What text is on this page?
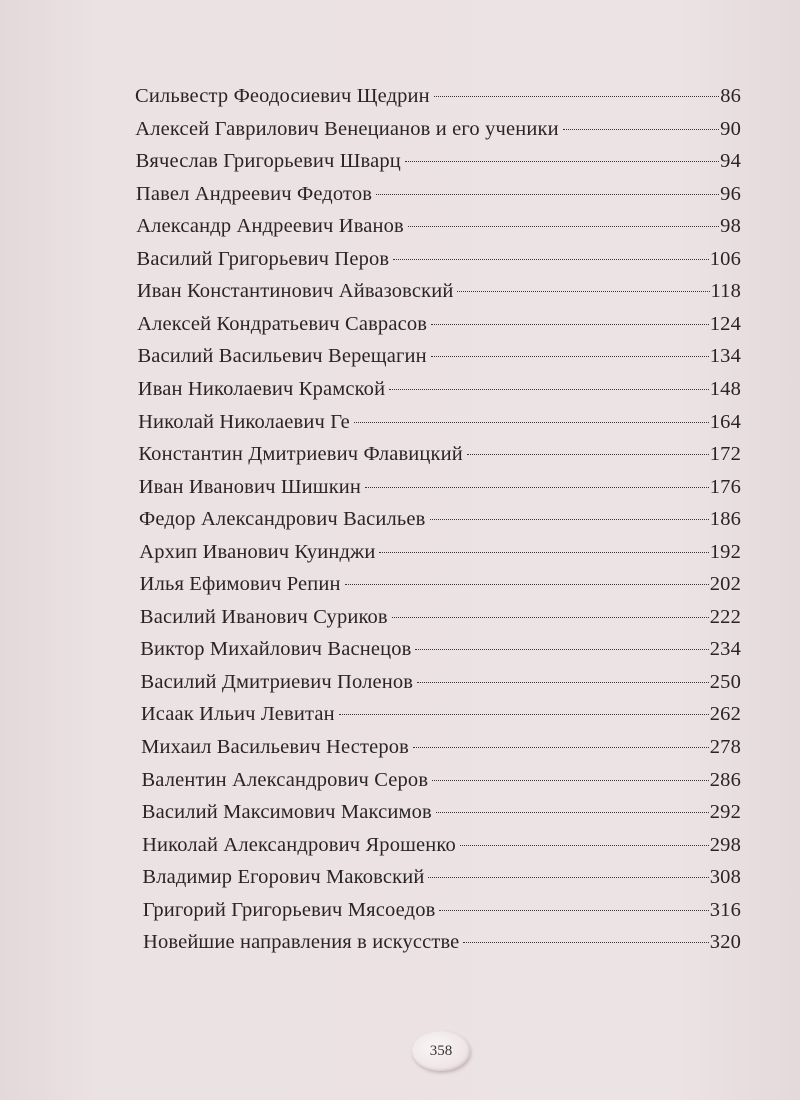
Сильвестр Феодосиевич Щедрин	86
Алексей Гаврилович Венецианов и его ученики	90
Вячеслав Григорьевич Шварц	94
Павел Андреевич Федотов	96
Александр Андреевич Иванов	98
Василий Григорьевич Перов	106
Иван Константинович Айвазовский	118
Алексей Кондратьевич Саврасов	124
Василий Васильевич Верещагин	134
Иван Николаевич Крамской	148
Николай Николаевич Ге	164
Константин Дмитриевич Флавицкий	172
Иван Иванович Шишкин	176
Федор Александрович Васильев	186
Архип Иванович Куинджи	192
Илья Ефимович Репин	202
Василий Иванович Суриков	222
Виктор Михайлович Васнецов	234
Василий Дмитриевич Поленов	250
Исаак Ильич Левитан	262
Михаил Васильевич Нестеров	278
Валентин Александрович Серов	286
Василий Максимович Максимов	292
Николай Александрович Ярошенко	298
Владимир Егорович Маковский	308
Григорий Григорьевич Мясоедов	316
Новейшие направления в искусстве	320
358
